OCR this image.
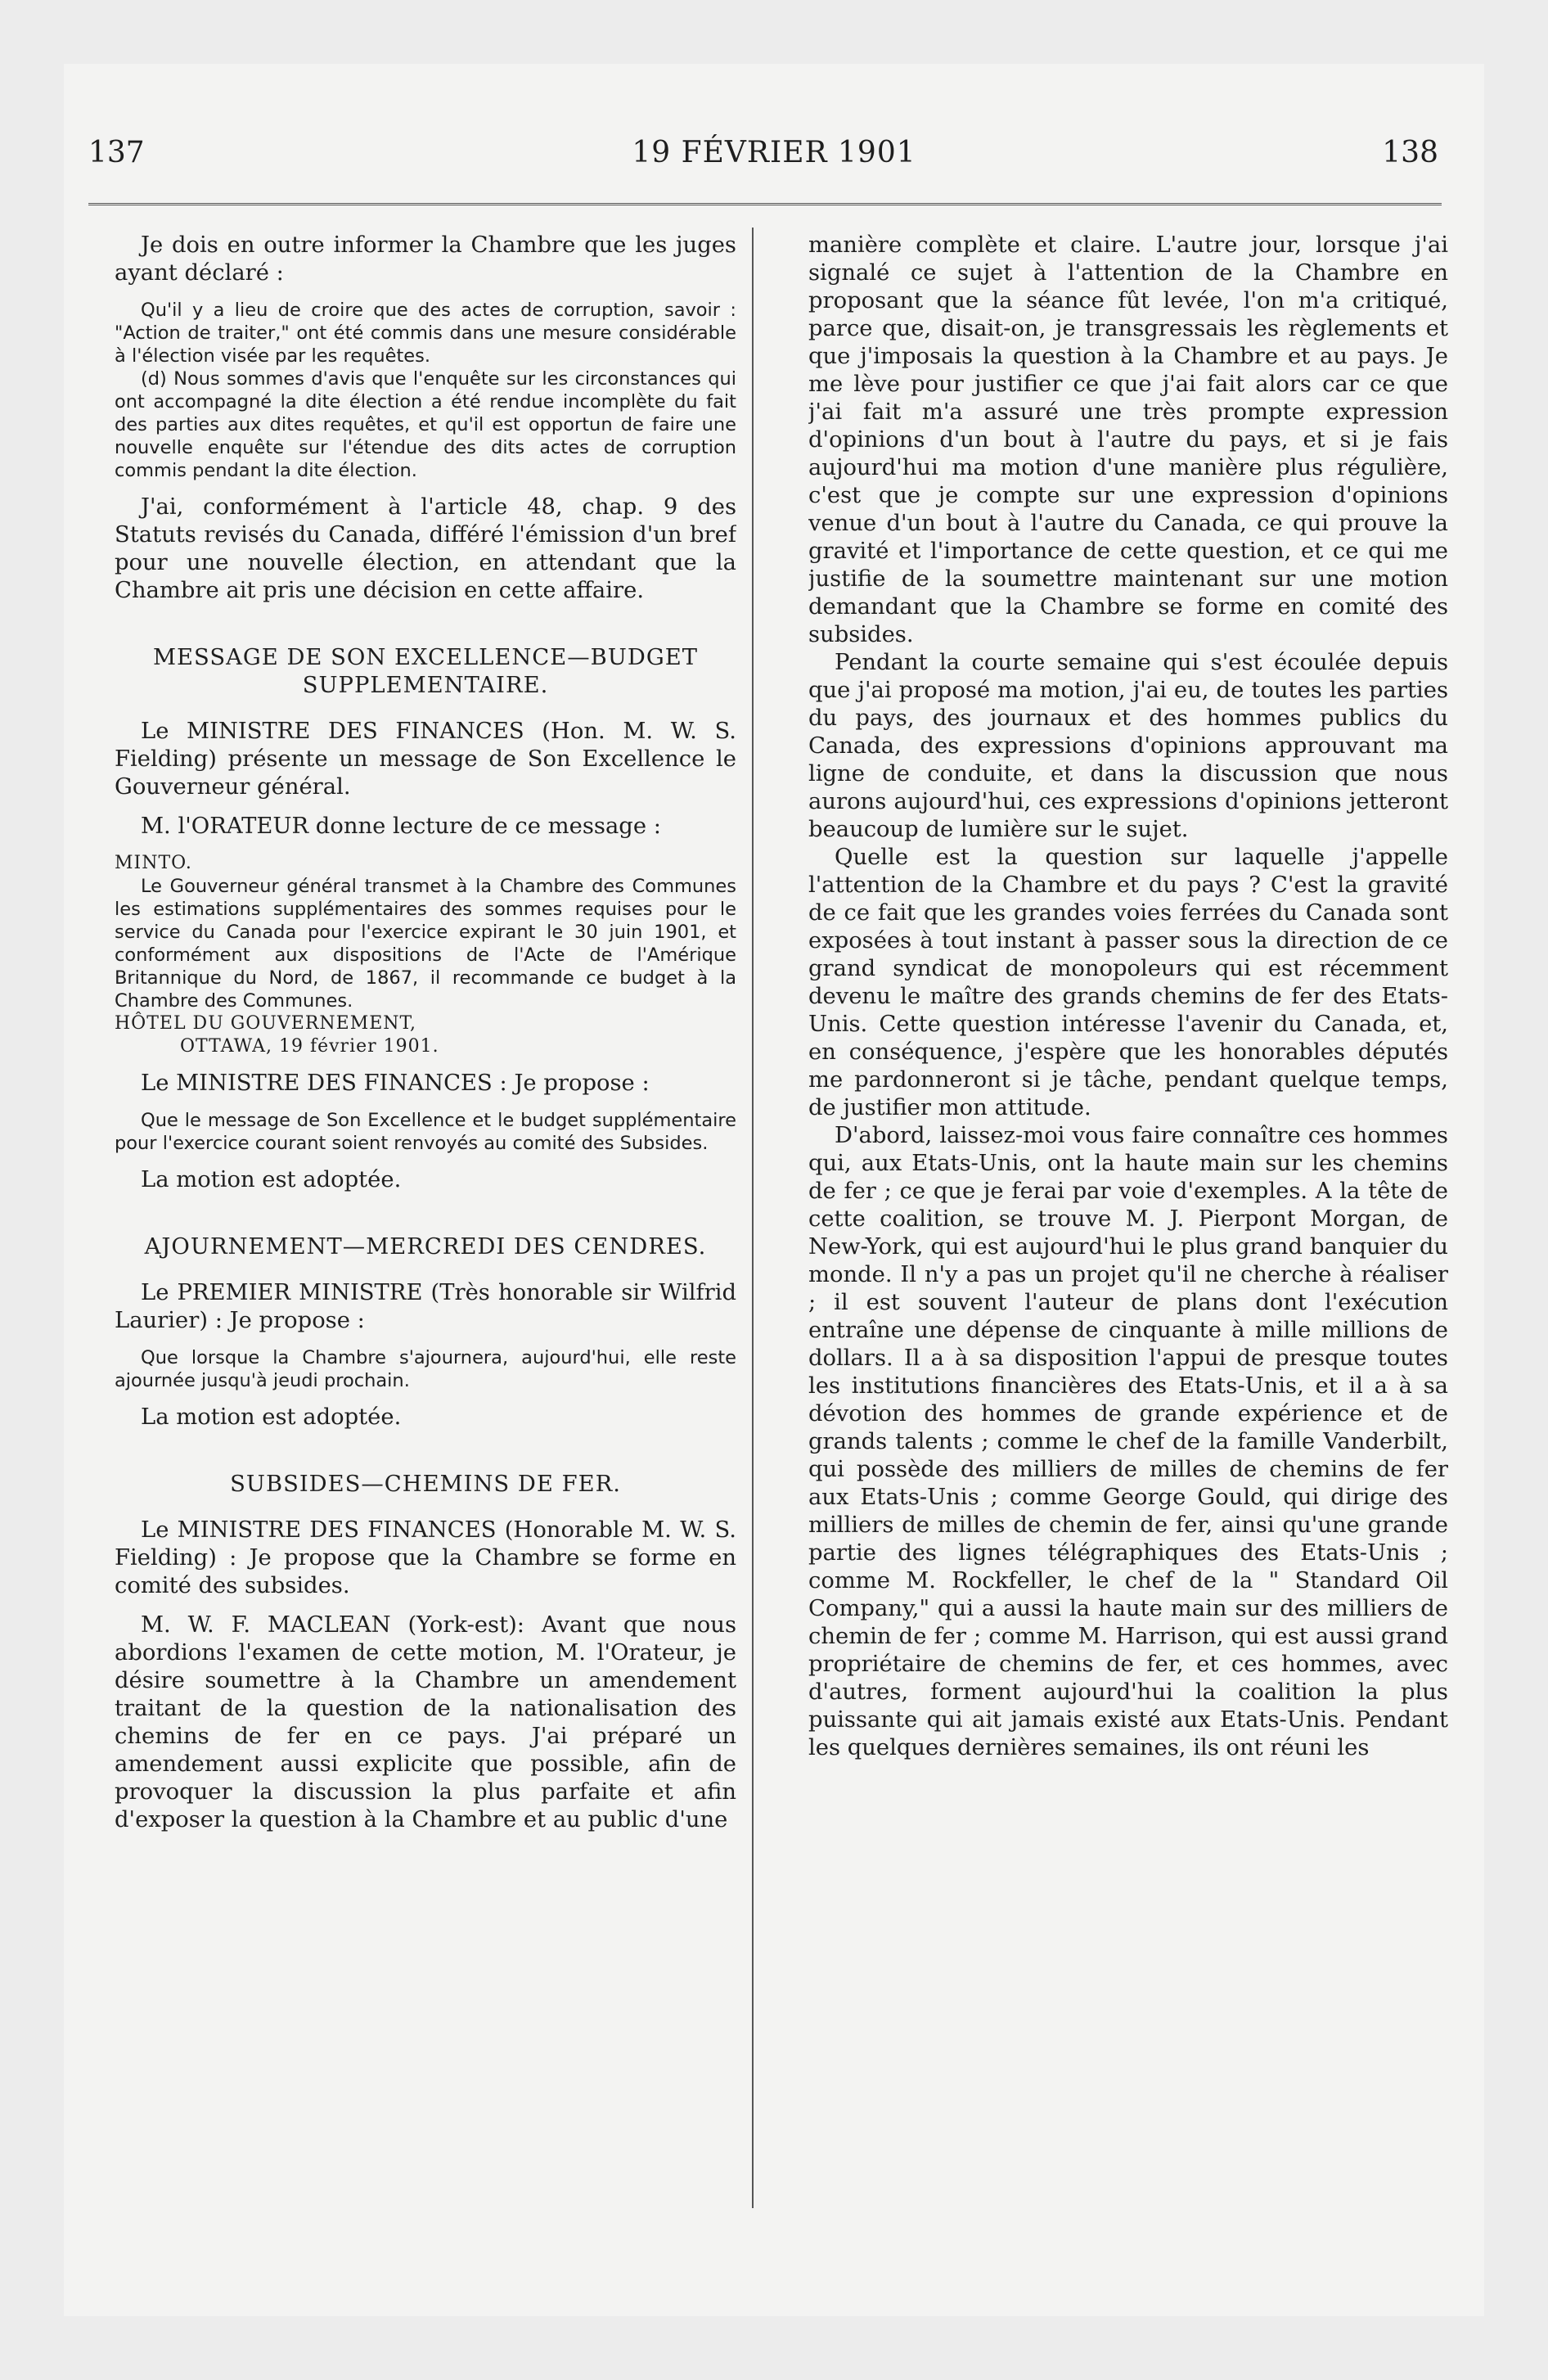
137	19 FÉVRIER 1901	138

Je dois en outre informer la Chambre que les juges ayant déclaré :

Qu'il y a lieu de croire que des actes de corruption, savoir : "Action de traiter," ont été commis dans une mesure considérable à l'élection visée par les requêtes.

(d) Nous sommes d'avis que l'enquête sur les circonstances qui ont accompagné la dite élection a été rendue incomplète du fait des parties aux dites requêtes, et qu'il est opportun de faire une nouvelle enquête sur l'étendue des dits actes de corruption commis pendant la dite élection.

J'ai, conformément à l'article 48, chap. 9 des Statuts revisés du Canada, différé l'émission d'un bref pour une nouvelle élection, en attendant que la Chambre ait pris une décision en cette affaire.

MESSAGE DE SON EXCELLENCE—BUDGET SUPPLEMENTAIRE.

Le MINISTRE DES FINANCES (Hon. M. W. S. Fielding) présente un message de Son Excellence le Gouverneur général.

M. l'ORATEUR donne lecture de ce message :

MINTO.

Le Gouverneur général transmet à la Chambre des Communes les estimations supplémentaires des sommes requises pour le service du Canada pour l'exercice expirant le 30 juin 1901, et conformément aux dispositions de l'Acte de l'Amérique Britannique du Nord, de 1867, il recommande ce budget à la Chambre des Communes.

HÔTEL DU GOUVERNEMENT,

OTTAWA, 19 février 1901.

Le MINISTRE DES FINANCES : Je propose :

Que le message de Son Excellence et le budget supplémentaire pour l'exercice courant soient renvoyés au comité des Subsides.

La motion est adoptée.

AJOURNEMENT—MERCREDI DES CENDRES.

Le PREMIER MINISTRE (Très honorable sir Wilfrid Laurier) : Je propose :

Que lorsque la Chambre s'ajournera, aujourd'hui, elle reste ajournée jusqu'à jeudi prochain.

La motion est adoptée.

SUBSIDES—CHEMINS DE FER.

Le MINISTRE DES FINANCES (Honorable M. W. S. Fielding) : Je propose que la Chambre se forme en comité des subsides.

M. W. F. MACLEAN (York-est): Avant que nous abordions l'examen de cette motion, M. l'Orateur, je désire soumettre à la Chambre un amendement traitant de la question de la nationalisation des chemins de fer en ce pays. J'ai préparé un amendement aussi explicite que possible, afin de provoquer la discussion la plus parfaite et afin d'exposer la question à la Chambre et au public d'une

manière complète et claire. L'autre jour, lorsque j'ai signalé ce sujet à l'attention de la Chambre en proposant que la séance fût levée, l'on m'a critiqué, parce que, disait-on, je transgressais les règlements et que j'imposais la question à la Chambre et au pays. Je me lève pour justifier ce que j'ai fait alors car ce que j'ai fait m'a assuré une très prompte expression d'opinions d'un bout à l'autre du pays, et si je fais aujourd'hui ma motion d'une manière plus régulière, c'est que je compte sur une expression d'opinions venue d'un bout à l'autre du Canada, ce qui prouve la gravité et l'importance de cette question, et ce qui me justifie de la soumettre maintenant sur une motion demandant que la Chambre se forme en comité des subsides.

Pendant la courte semaine qui s'est écoulée depuis que j'ai proposé ma motion, j'ai eu, de toutes les parties du pays, des journaux et des hommes publics du Canada, des expressions d'opinions approuvant ma ligne de conduite, et dans la discussion que nous aurons aujourd'hui, ces expressions d'opinions jetteront beaucoup de lumière sur le sujet.

Quelle est la question sur laquelle j'appelle l'attention de la Chambre et du pays ? C'est la gravité de ce fait que les grandes voies ferrées du Canada sont exposées à tout instant à passer sous la direction de ce grand syndicat de monopoleurs qui est récemment devenu le maître des grands chemins de fer des Etats-Unis. Cette question intéresse l'avenir du Canada, et, en conséquence, j'espère que les honorables députés me pardonneront si je tâche, pendant quelque temps, de justifier mon attitude.

D'abord, laissez-moi vous faire connaître ces hommes qui, aux Etats-Unis, ont la haute main sur les chemins de fer ; ce que je ferai par voie d'exemples. A la tête de cette coalition, se trouve M. J. Pierpont Morgan, de New-York, qui est aujourd'hui le plus grand banquier du monde. Il n'y a pas un projet qu'il ne cherche à réaliser ; il est souvent l'auteur de plans dont l'exécution entraîne une dépense de cinquante à mille millions de dollars. Il a à sa disposition l'appui de presque toutes les institutions financières des Etats-Unis, et il a à sa dévotion des hommes de grande expérience et de grands talents ; comme le chef de la famille Vanderbilt, qui possède des milliers de milles de chemins de fer aux Etats-Unis ; comme George Gould, qui dirige des milliers de milles de chemin de fer, ainsi qu'une grande partie des lignes télégraphiques des Etats-Unis ; comme M. Rockfeller, le chef de la " Standard Oil Company," qui a aussi la haute main sur des milliers de chemin de fer ; comme M. Harrison, qui est aussi grand propriétaire de chemins de fer, et ces hommes, avec d'autres, forment aujourd'hui la coalition la plus puissante qui ait jamais existé aux Etats-Unis. Pendant les quelques dernières semaines, ils ont réuni les
